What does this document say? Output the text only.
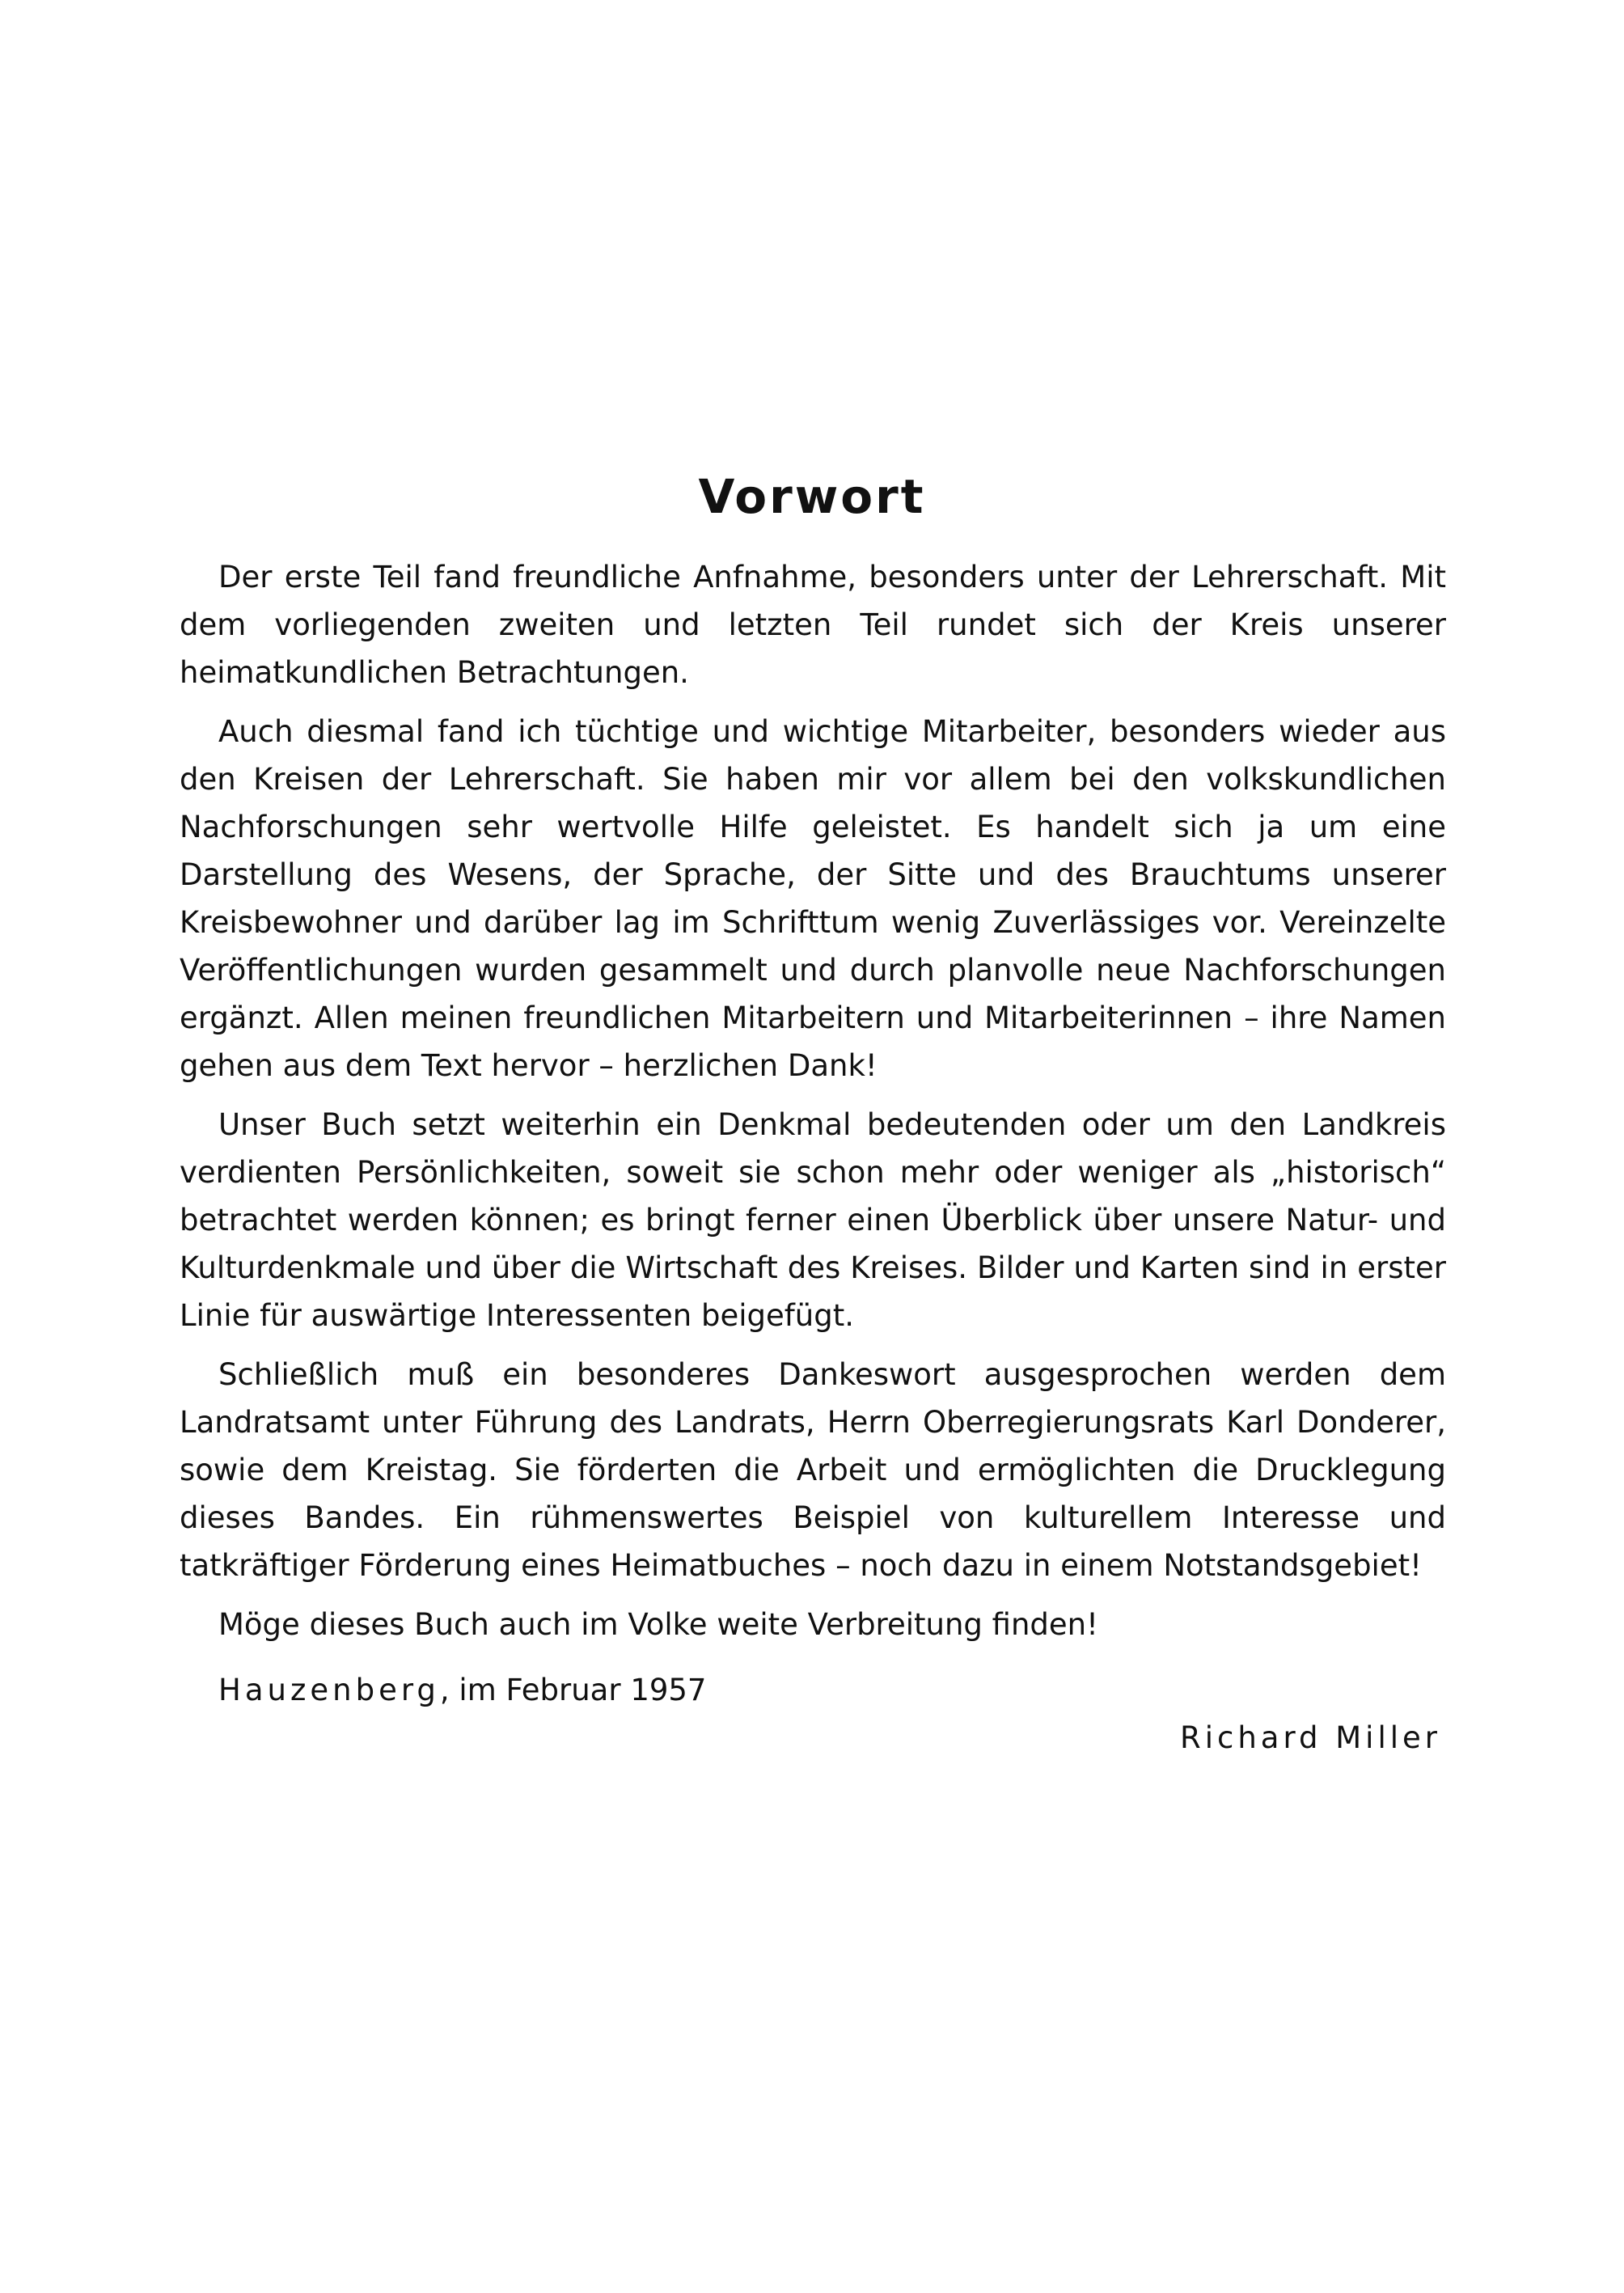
Vorwort

Der erste Teil fand freundliche Anfnahme, besonders unter der Lehrerschaft. Mit dem vorliegenden zweiten und letzten Teil rundet sich der Kreis unserer heimatkundlichen Betrachtungen.

Auch diesmal fand ich tüchtige und wichtige Mitarbeiter, besonders wieder aus den Kreisen der Lehrerschaft. Sie haben mir vor allem bei den volkskundlichen Nachforschungen sehr wertvolle Hilfe geleistet. Es handelt sich ja um eine Darstellung des Wesens, der Sprache, der Sitte und des Brauchtums unserer Kreisbewohner und darüber lag im Schrifttum wenig Zuverlässiges vor. Vereinzelte Veröffentlichungen wurden gesammelt und durch planvolle neue Nachforschungen ergänzt. Allen meinen freundlichen Mitarbeitern und Mitarbeiterinnen – ihre Namen gehen aus dem Text hervor – herzlichen Dank!

Unser Buch setzt weiterhin ein Denkmal bedeutenden oder um den Landkreis verdienten Persönlichkeiten, soweit sie schon mehr oder weniger als „historisch“ betrachtet werden können; es bringt ferner einen Überblick über unsere Natur- und Kulturdenkmale und über die Wirtschaft des Kreises. Bilder und Karten sind in erster Linie für auswärtige Interessenten beigefügt.

Schließlich muß ein besonderes Dankeswort ausgesprochen werden dem Landratsamt unter Führung des Landrats, Herrn Oberregierungsrats Karl Donderer, sowie dem Kreistag. Sie förderten die Arbeit und ermöglichten die Drucklegung dieses Bandes. Ein rühmenswertes Beispiel von kulturellem Interesse und tatkräftiger Förderung eines Heimatbuches – noch dazu in einem Notstandsgebiet!

Möge dieses Buch auch im Volke weite Verbreitung finden!

Hauzenberg, im Februar 1957

Richard Miller
